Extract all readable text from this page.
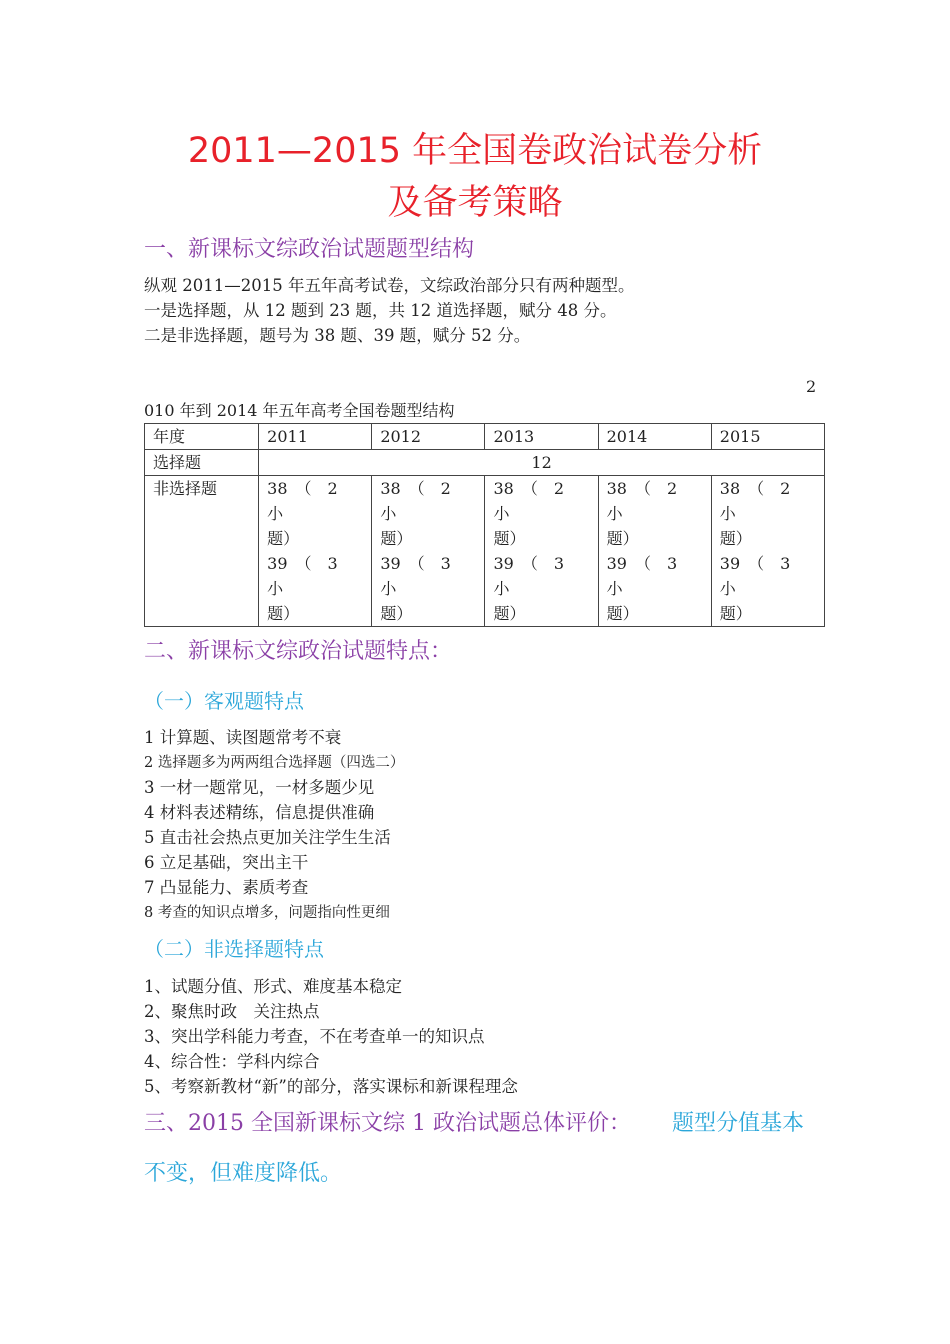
2011—2015 年全国卷政治试卷分析
及备考策略
一、新课标文综政治试题题型结构
纵观 2011—2015 年五年高考试卷，文综政治部分只有两种题型。
一是选择题，从 12 题到 23 题，共 12 道选择题，赋分 48 分。
二是非选择题，题号为 38 题、39 题，赋分 52 分。
2
010 年到 2014 年五年高考全国卷题型结构
年度	2011	2012	2013	2014	2015
选择题	12				
非选择题	38　（　2　小
题）
39　（　3　小
题）	38　（　2　小
题）
39　（　3　小
题）	38　（　2　小
题）
39　（　3　小
题）	38　（　2　小
题）
39　（　3　小
题）	38　（　2　小
题）
39　（　3　小
题）
二、新课标文综政治试题特点：
（一）客观题特点
1 计算题、读图题常考不衰
2 选择题多为两两组合选择题（四选二）
3 一材一题常见，一材多题少见
4 材料表述精练，信息提供准确
5 直击社会热点更加关注学生生活
6 立足基础，突出主干
7 凸显能力、素质考查
8 考查的知识点增多，问题指向性更细
（二）非选择题特点
1、试题分值、形式、难度基本稳定
2、聚焦时政　关注热点
3、突出学科能力考查，不在考查单一的知识点
4、综合性：学科内综合
5、考察新教材“新”的部分，落实课标和新课程理念
三、2015 全国新课标文综 1 政治试题总体评价： 题型分值基本
不变，但难度降低。
